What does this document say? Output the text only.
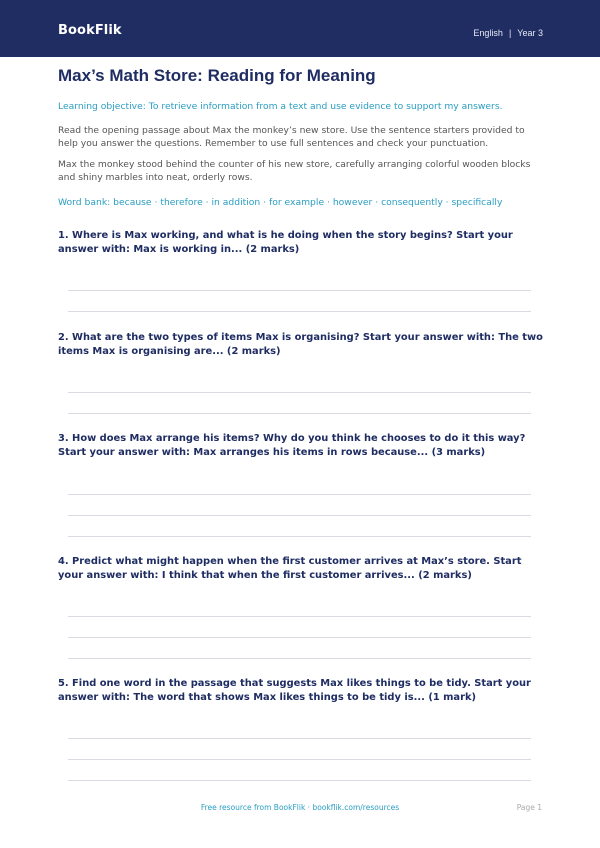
BookFlik	English | Year 3
Max’s Math Store: Reading for Meaning
Learning objective: To retrieve information from a text and use evidence to support my answers.
Read the opening passage about Max the monkey’s new store. Use the sentence starters provided to help you answer the questions. Remember to use full sentences and check your punctuation.
Max the monkey stood behind the counter of his new store, carefully arranging colorful wooden blocks and shiny marbles into neat, orderly rows.
Word bank: because · therefore · in addition · for example · however · consequently · specifically
1. Where is Max working, and what is he doing when the story begins? Start your answer with: Max is working in... (2 marks)
2. What are the two types of items Max is organising? Start your answer with: The two items Max is organising are... (2 marks)
3. How does Max arrange his items? Why do you think he chooses to do it this way? Start your answer with: Max arranges his items in rows because... (3 marks)
4. Predict what might happen when the first customer arrives at Max’s store. Start your answer with: I think that when the first customer arrives... (2 marks)
5. Find one word in the passage that suggests Max likes things to be tidy. Start your answer with: The word that shows Max likes things to be tidy is... (1 mark)
Free resource from BookFlik · bookflik.com/resources	Page 1
